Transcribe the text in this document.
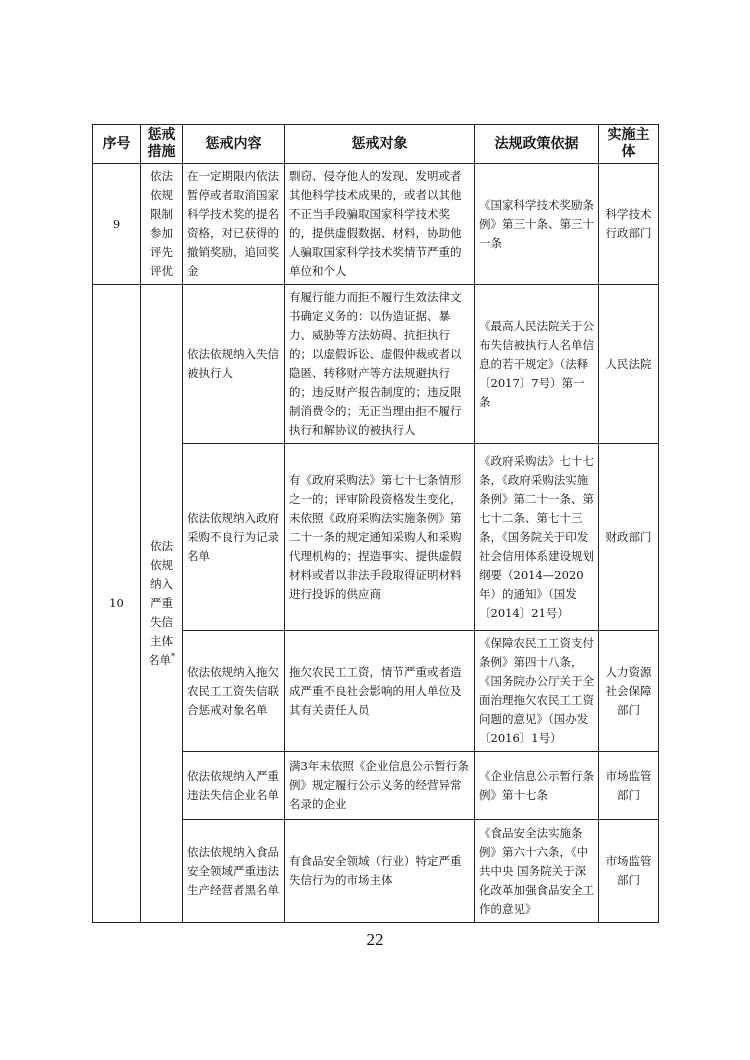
序号	惩戒措施	惩戒内容	惩戒对象	法规政策依据	实施主体
9	依法依规限制参加评先评优	在一定期限内依法暂停或者取消国家科学技术奖的提名资格，对已获得的撤销奖励，追回奖金	剽窃、侵夺他人的发现、发明或者其他科学技术成果的，或者以其他不正当手段骗取国家科学技术奖的，提供虚假数据、材料，协助他人骗取国家科学技术奖情节严重的单位和个人	《国家科学技术奖励条例》第三十条、第三十一条	科学技术行政部门
10	依法依规纳入严重失信主体名单*	依法依规纳入失信被执行人	有履行能力而拒不履行生效法律文书确定义务的：以伪造证据、暴力、威胁等方法妨碍、抗拒执行的；以虚假诉讼、虚假仲裁或者以隐匿、转移财产等方法规避执行的；违反财产报告制度的；违反限制消费令的；无正当理由拒不履行执行和解协议的被执行人	《最高人民法院关于公布失信被执行人名单信息的若干规定》（法释〔2017〕7号）第一条	人民法院
		依法依规纳入政府采购不良行为记录名单	有《政府采购法》第七十七条情形之一的；评审阶段资格发生变化，未依照《政府采购法实施条例》第二十一条的规定通知采购人和采购代理机构的；捏造事实、提供虚假材料或者以非法手段取得证明材料进行投诉的供应商	《政府采购法》七十七条，《政府采购法实施条例》第二十一条、第七十二条、第七十三条，《国务院关于印发社会信用体系建设规划纲要（2014—2020年）的通知》（国发〔2014〕21号）	财政部门
		依法依规纳入拖欠农民工工资失信联合惩戒对象名单	拖欠农民工工资，情节严重或者造成严重不良社会影响的用人单位及其有关责任人员	《保障农民工工资支付条例》第四十八条，《国务院办公厅关于全面治理拖欠农民工工资问题的意见》（国办发〔2016〕1号）	人力资源社会保障部门
		依法依规纳入严重违法失信企业名单	满3年未依照《企业信息公示暂行条例》规定履行公示义务的经营异常名录的企业	《企业信息公示暂行条例》第十七条	市场监管部门
		依法依规纳入食品安全领域严重违法生产经营者黑名单	有食品安全领域（行业）特定严重失信行为的市场主体	《食品安全法实施条例》第六十六条，《中共中央 国务院关于深化改革加强食品安全工作的意见》	市场监管部门
22
